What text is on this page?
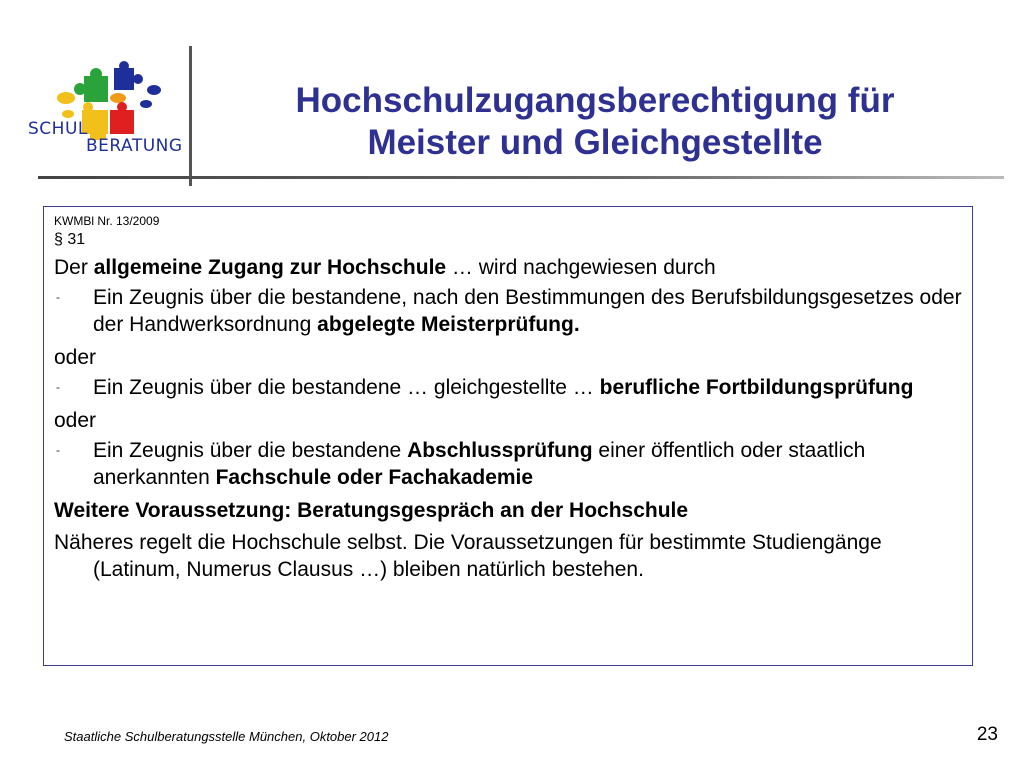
SCHUL
BERATUNG
Hochschulzugangsberechtigung für
Meister und Gleichgestellte

KWMBl Nr. 13/2009

§ 31

Der allgemeine Zugang zur Hochschule … wird nachgewiesen durch

- Ein Zeugnis über die bestandene, nach den Bestimmungen des Berufsbildungsgesetzes oder der Handwerksordnung abgelegte Meisterprüfung.

oder

- Ein Zeugnis über die bestandene … gleichgestellte … berufliche Fortbildungsprüfung

oder

- Ein Zeugnis über die bestandene Abschlussprüfung einer öffentlich oder staatlich anerkannten Fachschule oder Fachakademie

Weitere Voraussetzung: Beratungsgespräch an der Hochschule

Näheres regelt die Hochschule selbst. Die Voraussetzungen für bestimmte Studiengänge (Latinum, Numerus Clausus …) bleiben natürlich bestehen.

Staatliche Schulberatungsstelle München, Oktober 2012	23
